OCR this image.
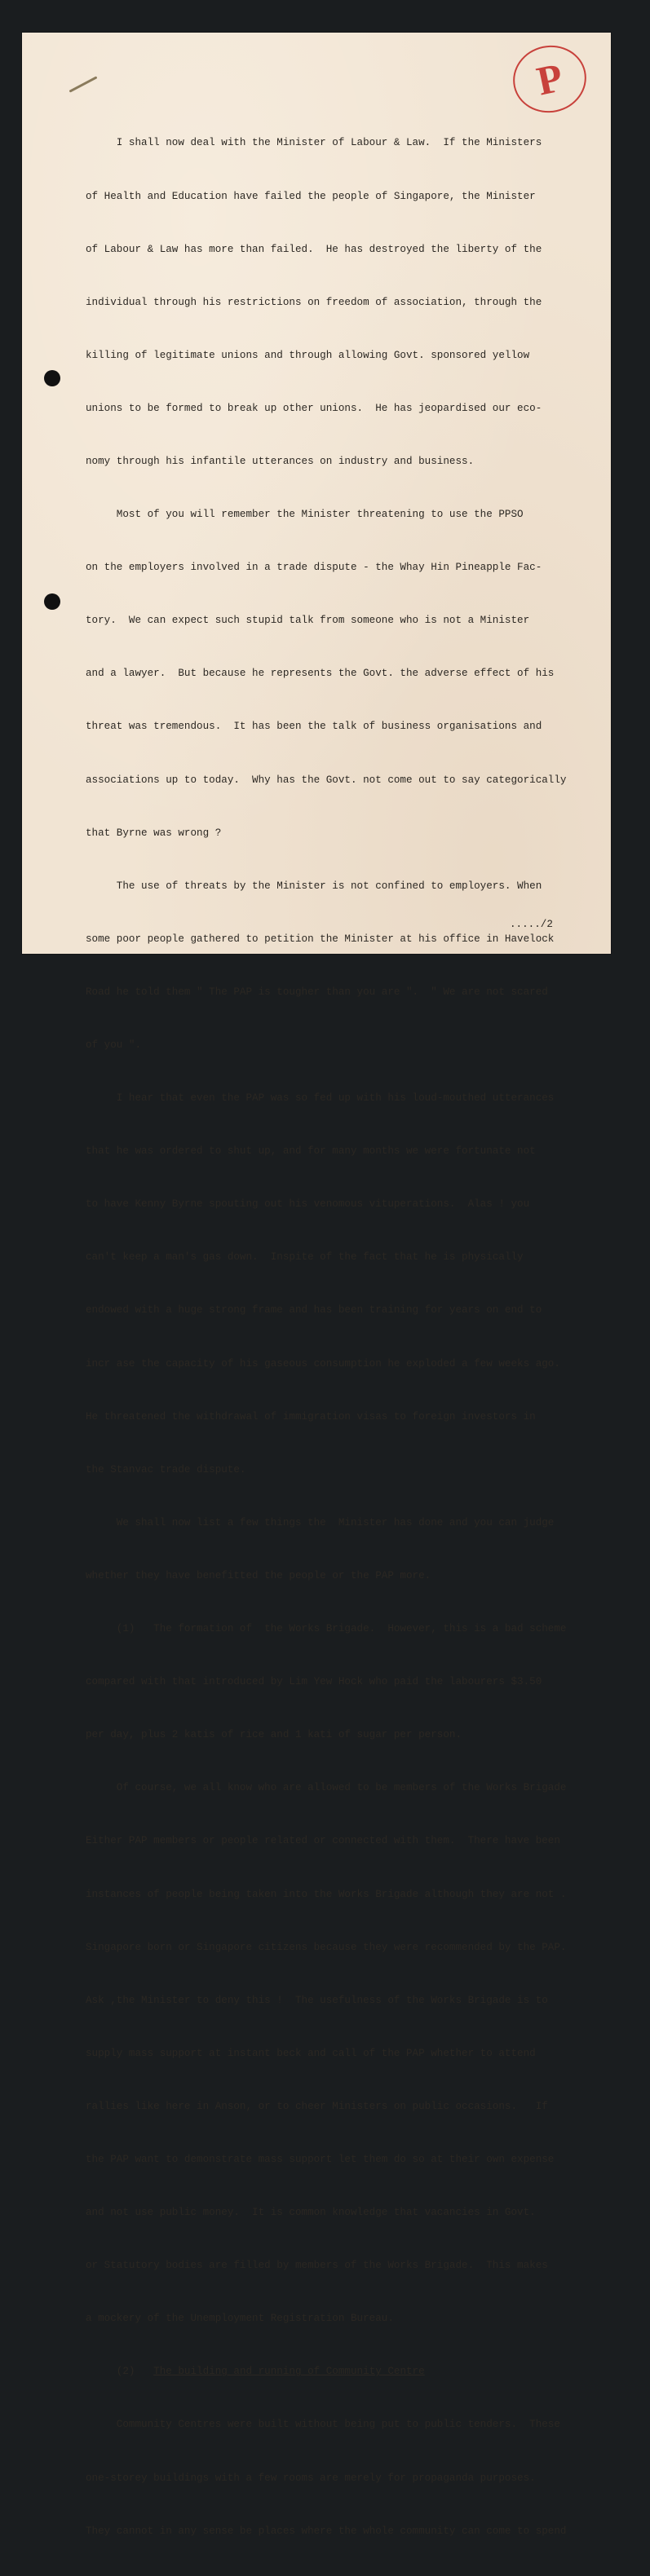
P

I shall now deal with the Minister of Labour & Law.  If the Ministers

of Health and Education have failed the people of Singapore, the Minister

of Labour & Law has more than failed.  He has destroyed the liberty of the

individual through his restrictions on freedom of association, through the

killing of legitimate unions and through allowing Govt. sponsored yellow

unions to be formed to break up other unions.  He has jeopardised our eco-

nomy through his infantile utterances on industry and business.

Most of you will remember the Minister threatening to use the PPSO

on the employers involved in a trade dispute - the Whay Hin Pineapple Fac-

tory.  We can expect such stupid talk from someone who is not a Minister

and a lawyer.  But because he represents the Govt. the adverse effect of his

threat was tremendous.  It has been the talk of business organisations and

associations up to today.  Why has the Govt. not come out to say categorically

that Byrne was wrong ?

The use of threats by the Minister is not confined to employers. When

some poor people gathered to petition the Minister at his office in Havelock

Road he told them " The PAP is tougher than you are ".  " We are not scared

of you ".

I hear that even the PAP was so fed up with his loud-mouthed utterances

that he was ordered to shut up, and for many months we were fortunate not

to have Kenny Byrne spouting out his venomous vituperations.  Alas ! you

can't keep a man's gas down.  Inspite of the fact that he is physically

endowed with a huge strong frame and has been training for years on end to

incr ase the capacity of his gaseous consumption he exploded a few weeks ago.

He threatened the withdrawal of immigration visas to foreign investors in

the Stanvac trade dispute.

We shall now list a few things the  Minister has done and you can judge

whether they have benefitted the people or the PAP more.

(1)   The formation of  the Works Brigade.  However, this is a bad scheme

compared with that introduced by Lim Yew Hock who paid the labourers $3.50

per day, plus 2 katis of rice and 1 kati of sugar per person.

Of course, we all know who are allowed to be members of the Works Brigade

Either PAP members or people related or connected with them.  There have been

instances of people being taken into the Works Brigade although they are not .

Singapore born or Singapore citizens because they were recommended by the PAP.

Ask ,the Minister to deny this !  The usefulness of the Works Brigade is to

supply mass support at instant beck and call of the PAP whether to attend

rallies like here in Anson, or to cheer Ministers on public occasions.   If

the PAP want to demonstrate mass support let them do so at their own expense

and not use public money.  It is common knowledge that vacancies in Govt.

or Statutory bodies are filled by members of the Works Brigade.  This makes

a mockery of the Unemployment Registration Bureau.

(2)   The building and running of Community Centre

Community Centres were built without being put to public tenders.  These

one-storey buildings with a few rooms are merely for propaganda purposes.

They cannot in any sense be places where the whole community can come to spend

.....‌/2
